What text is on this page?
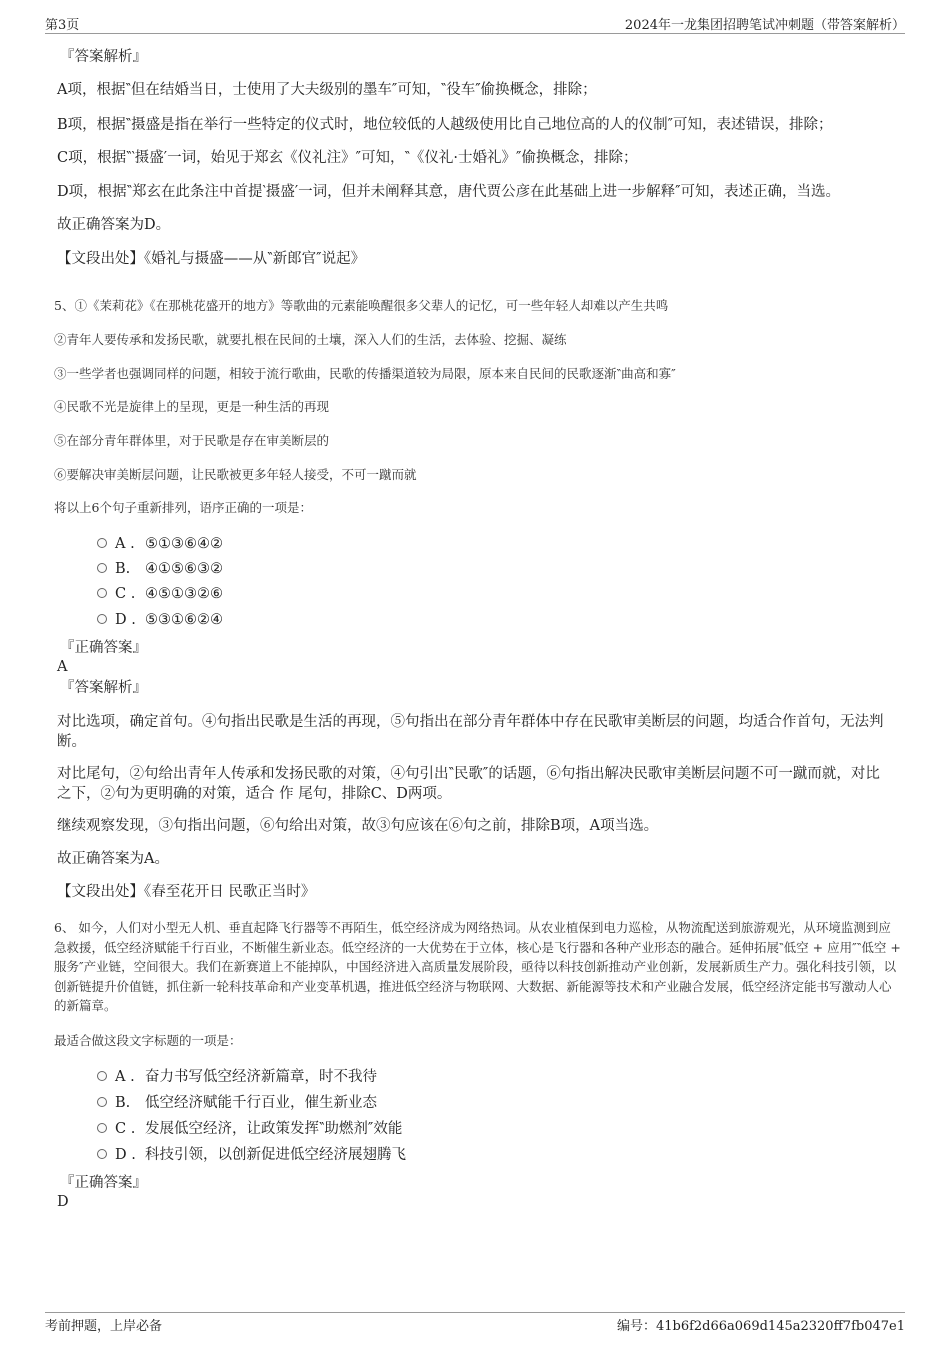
第3页	2024年一龙集团招聘笔试冲刺题（带答案解析）
『答案解析』
A项，根据‶但在结婚当日，士使用了大夫级别的墨车″可知，‶役车″偷换概念，排除；
B项，根据‶摄盛是指在举行一些特定的仪式时，地位较低的人越级使用比自己地位高的人的仪制″可知，表述错误，排除；
C项，根据‶‵摄盛′一词，始见于郑玄《仪礼注》″可知，‶《仪礼·士婚礼》″偷换概念，排除；
D项，根据‶郑玄在此条注中首提‵摄盛′一词，但并未阐释其意，唐代贾公彦在此基础上进一步解释″可知，表述正确，当选。
故正确答案为D。
【文段出处】《婚礼与摄盛——从‶新郎官″说起》
5、①《茉莉花》《在那桃花盛开的地方》等歌曲的元素能唤醒很多父辈人的记忆，可一些年轻人却难以产生共鸣
②青年人要传承和发扬民歌，就要扎根在民间的土壤，深入人们的生活，去体验、挖掘、凝练
③一些学者也强调同样的问题，相较于流行歌曲，民歌的传播渠道较为局限，原本来自民间的民歌逐渐‶曲高和寡″
④民歌不光是旋律上的呈现，更是一种生活的再现
⑤在部分青年群体里，对于民歌是存在审美断层的
⑥要解决审美断层问题，让民歌被更多年轻人接受，不可一蹴而就
将以上6个句子重新排列，语序正确的一项是：
A . ⑤①③⑥④②
B. ④①⑤⑥③②
C . ④⑤①③②⑥
D . ⑤③①⑥②④
『正确答案』
A
『答案解析』
对比选项，确定首句。④句指出民歌是生活的再现，⑤句指出在部分青年群体中存在民歌审美断层的问题，均适合作首句，无法判断。
对比尾句，②句给出青年人传承和发扬民歌的对策，④句引出‶民歌″的话题，⑥句指出解决民歌审美断层问题不可一蹴而就，对比之下，②句为更明确的对策，适合 作 尾句，排除C、D两项。
继续观察发现，③句指出问题，⑥句给出对策，故③句应该在⑥句之前，排除B项，A项当选。
故正确答案为A。
【文段出处】《春至花开日 民歌正当时》
6、 如今，人们对小型无人机、垂直起降飞行器等不再陌生，低空经济成为网络热词。从农业植保到电力巡检，从物流配送到旅游观光，从环境监测到应急救援，低空经济赋能千行百业，不断催生新业态。低空经济的一大优势在于立体，核心是飞行器和各种产业形态的融合。延伸拓展‶低空 + 应用″‶低空 + 服务″产业链，空间很大。我们在新赛道上不能掉队，中国经济进入高质量发展阶段，亟待以科技创新推动产业创新，发展新质生产力。强化科技引领，以创新链提升价值链，抓住新一轮科技革命和产业变革机遇，推进低空经济与物联网、大数据、新能源等技术和产业融合发展，低空经济定能书写激动人心的新篇章。
最适合做这段文字标题的一项是：
A . 奋力书写低空经济新篇章，时不我待
B. 低空经济赋能千行百业，催生新业态
C . 发展低空经济，让政策发挥‶助燃剂″效能
D . 科技引领，以创新促进低空经济展翅腾飞
『正确答案』
D
考前押题，上岸必备	编号：41b6f2d66a069d145a2320ff7fb047e1
